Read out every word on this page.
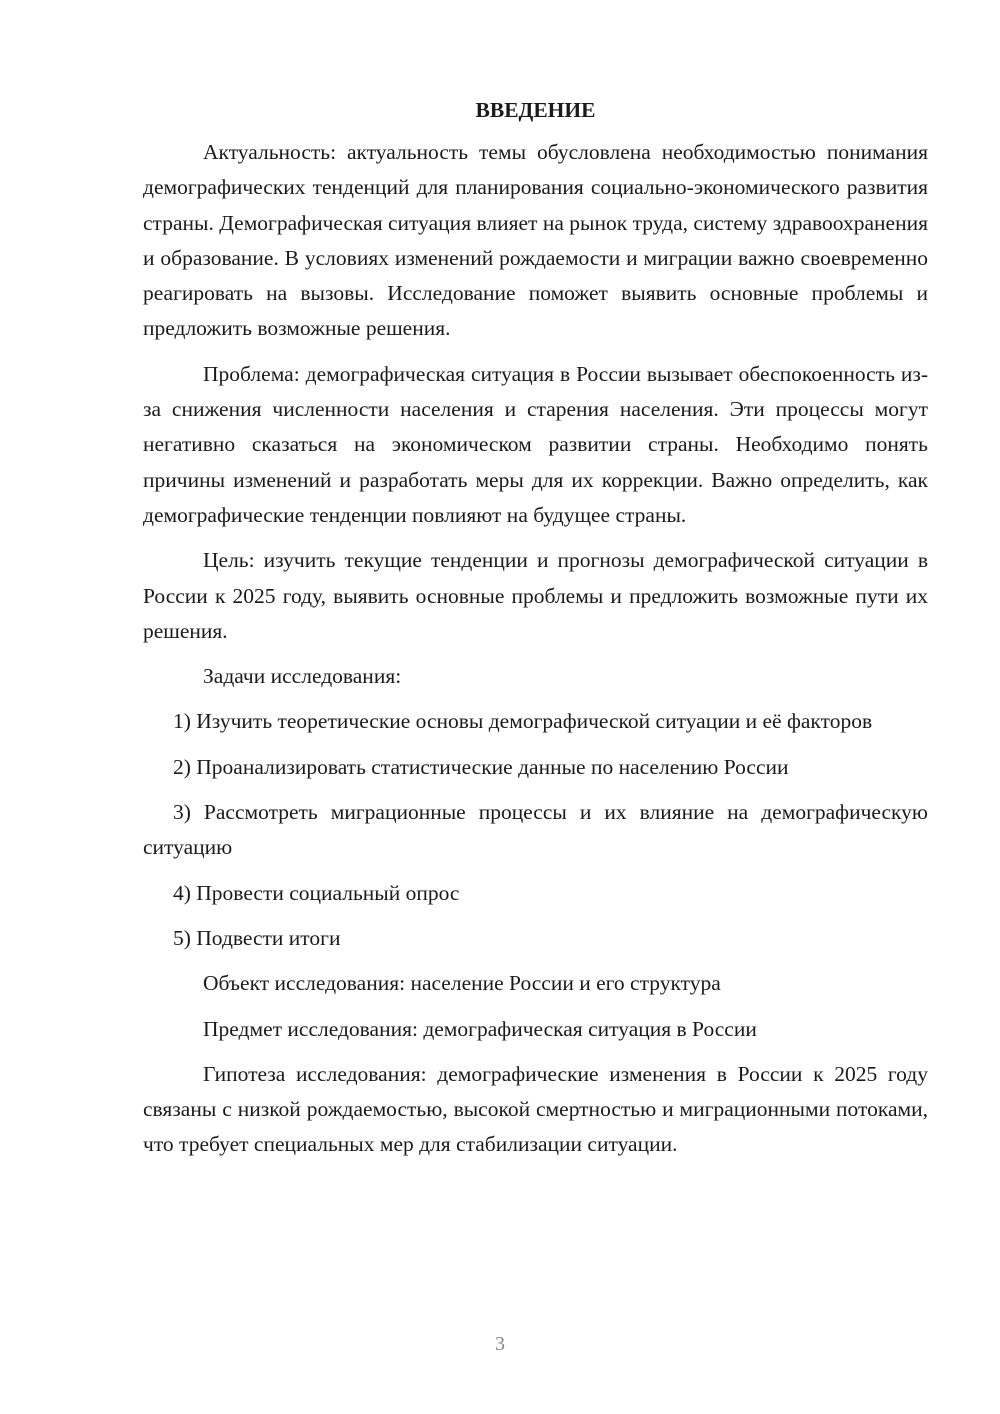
ВВЕДЕНИЕ

Актуальность: актуальность темы обусловлена необходимостью понимания демографических тенденций для планирования социально-экономического развития страны. Демографическая ситуация влияет на рынок труда, систему здравоохранения и образование. В условиях изменений рождаемости и миграции важно своевременно реагировать на вызовы. Исследование поможет выявить основные проблемы и предложить возможные решения.

Проблема: демографическая ситуация в России вызывает обеспокоенность из-за снижения численности населения и старения населения. Эти процессы могут негативно сказаться на экономическом развитии страны. Необходимо понять причины изменений и разработать меры для их коррекции. Важно определить, как демографические тенденции повлияют на будущее страны.

Цель: изучить текущие тенденции и прогнозы демографической ситуации в России к 2025 году, выявить основные проблемы и предложить возможные пути их решения.

Задачи исследования:

1) Изучить теоретические основы демографической ситуации и её факторов

2) Проанализировать статистические данные по населению России

3) Рассмотреть миграционные процессы и их влияние на демографическую ситуацию

4) Провести социальный опрос

5) Подвести итоги

Объект исследования: население России и его структура

Предмет исследования: демографическая ситуация в России

Гипотеза исследования: демографические изменения в России к 2025 году связаны с низкой рождаемостью, высокой смертностью и миграционными потоками, что требует специальных мер для стабилизации ситуации.

3
